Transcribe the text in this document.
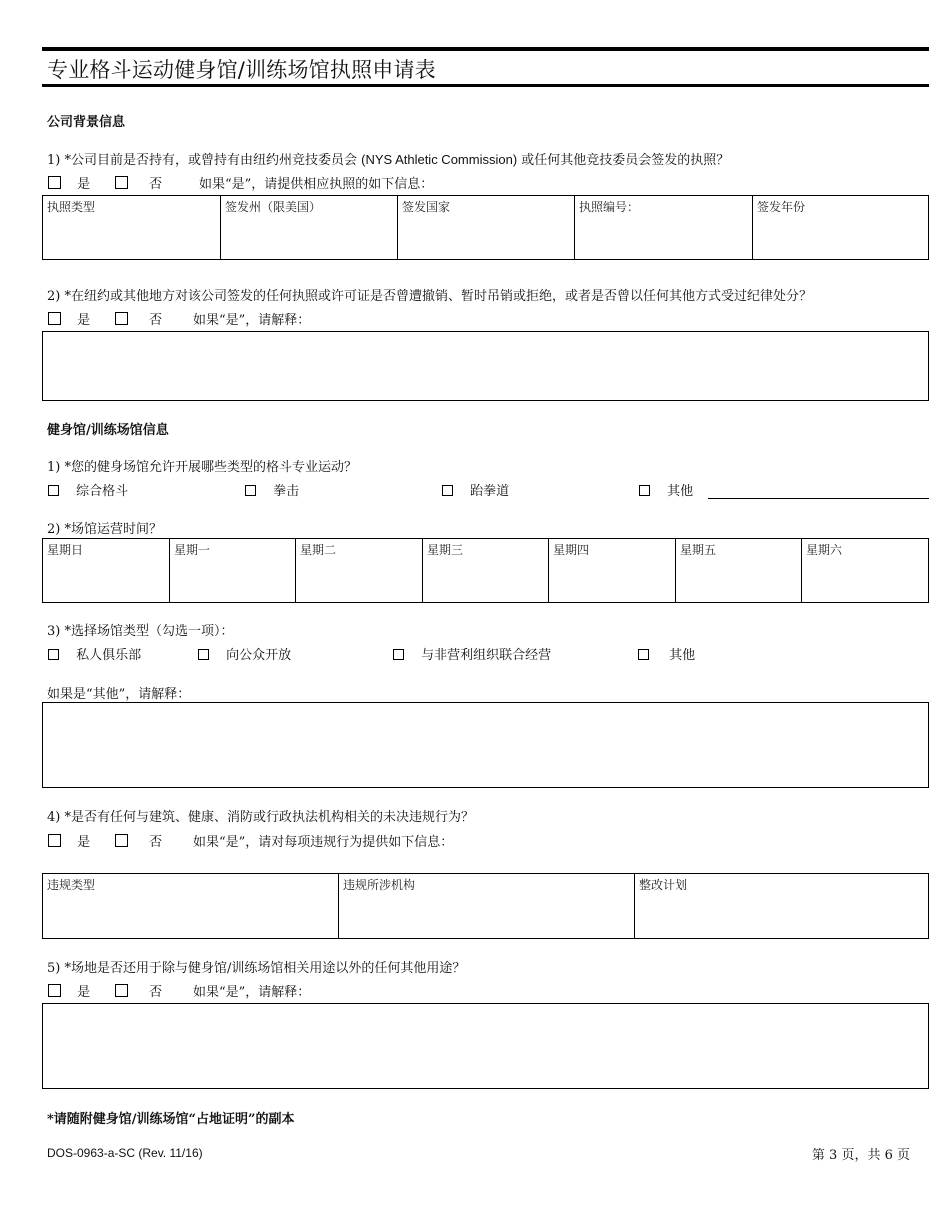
专业格斗运动健身馆/训练场馆执照申请表
公司背景信息
1) *公司目前是否持有，或曾持有由纽约州竞技委员会 (NYS Athletic Commission) 或任何其他竞技委员会签发的执照？
是	否	如果“是”，请提供相应执照的如下信息：
执照类型	签发州（限美国）	签发国家	执照编号：	签发年份
2) *在纽约或其他地方对该公司签发的任何执照或许可证是否曾遭撤销、暂时吊销或拒绝，或者是否曾以任何其他方式受过纪律处分？
是	否 如果“是”，请解释：
健身馆/训练场馆信息
1) *您的健身场馆允许开展哪些类型的格斗专业运动？
综合格斗	拳击	跆拳道	其他
2) *场馆运营时间？
星期日	星期一	星期二	星期三	星期四	星期五	星期六
3) *选择场馆类型（勾选一项）：
私人俱乐部	向公众开放	与非营利组织联合经营	其他
如果是“其他”，请解释：
4) *是否有任何与建筑、健康、消防或行政执法机构相关的未决违规行为？
是	否 如果“是”，请对每项违规行为提供如下信息：
违规类型	违规所涉机构	整改计划
5) *场地是否还用于除与健身馆/训练场馆相关用途以外的任何其他用途？
是	否 如果“是”，请解释：
*请随附健身馆/训练场馆“占地证明”的副本
DOS-0963-a-SC (Rev. 11/16)	第 3 页，共 6 页
